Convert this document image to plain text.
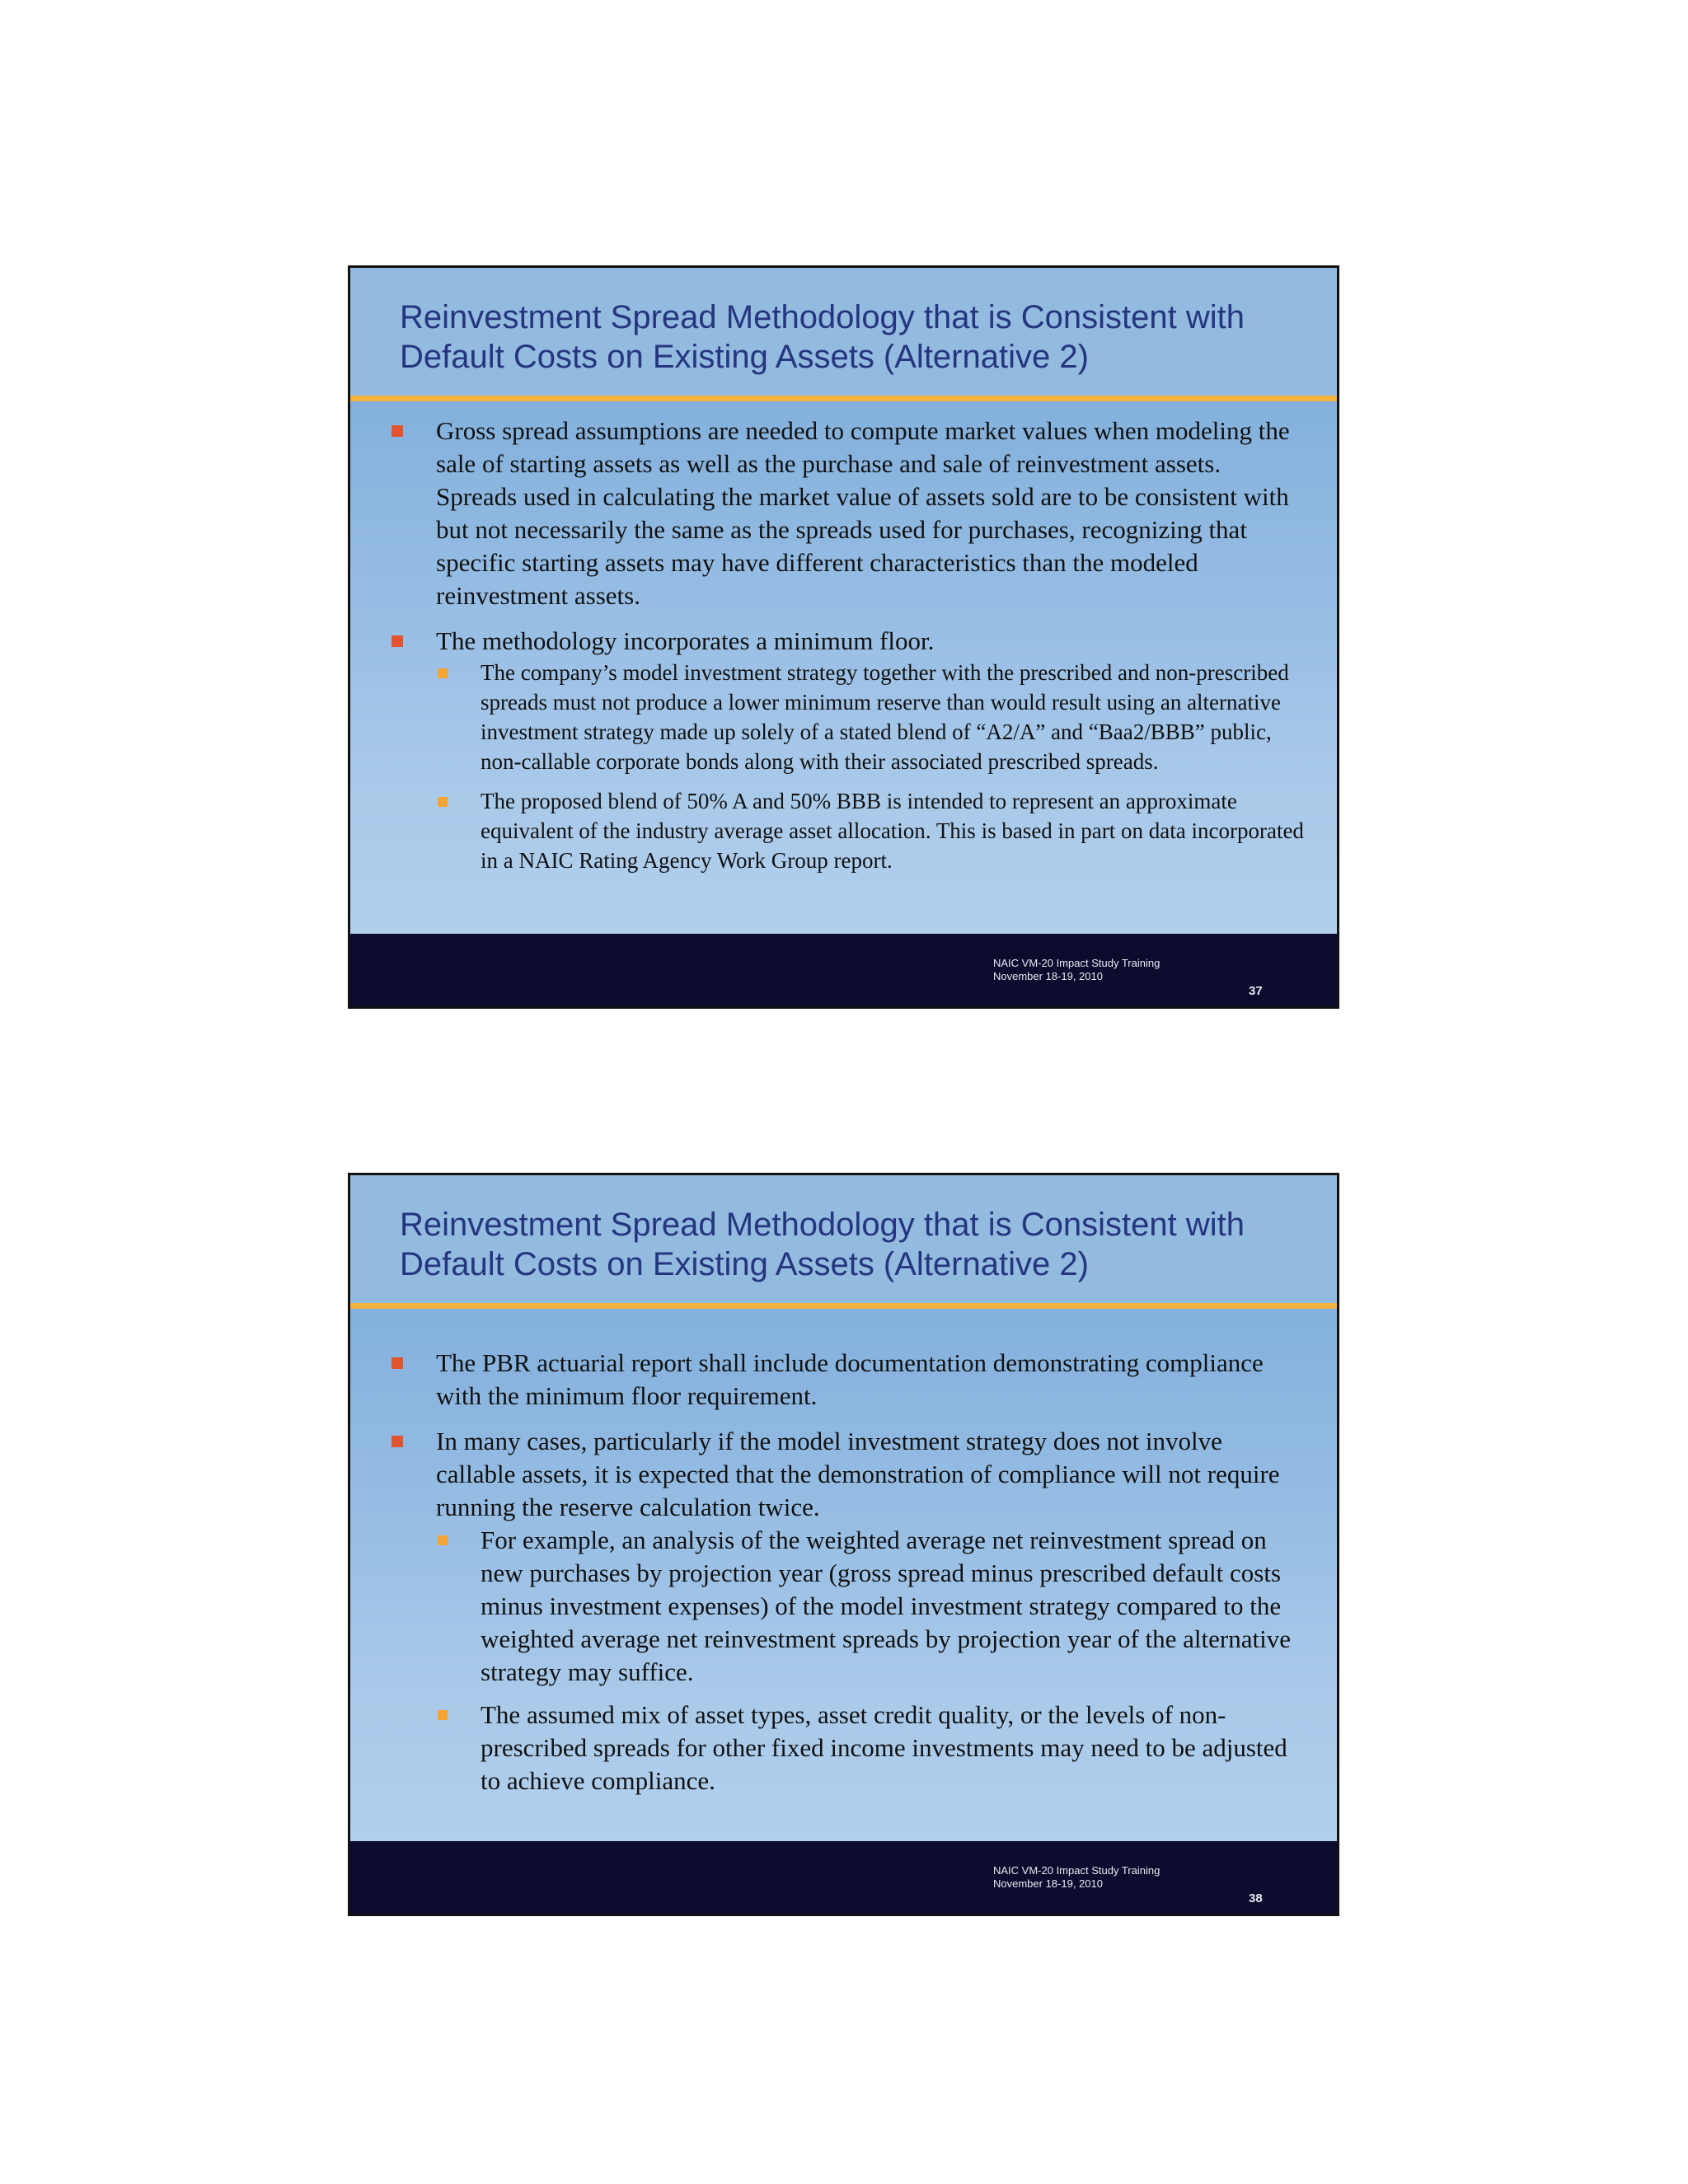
Reinvestment Spread Methodology that is Consistent with Default Costs on Existing Assets (Alternative 2)
Gross spread assumptions are needed to compute market values when modeling the sale of starting assets as well as the purchase and sale of reinvestment assets. Spreads used in calculating the market value of assets sold are to be consistent with but not necessarily the same as the spreads used for purchases, recognizing that specific starting assets may have different characteristics than the modeled reinvestment assets.
The methodology incorporates a minimum floor.
The company’s model investment strategy together with the prescribed and non-prescribed spreads must not produce a lower minimum reserve than would result using an alternative investment strategy made up solely of a stated blend of “A2/A” and “Baa2/BBB” public, non-callable corporate bonds along with their associated prescribed spreads.
The proposed blend of 50% A and 50% BBB is intended to represent an approximate equivalent of the industry average asset allocation. This is based in part on data incorporated in a NAIC Rating Agency Work Group report.
NAIC VM-20 Impact Study Training
November 18-19, 2010
37
Reinvestment Spread Methodology that is Consistent with Default Costs on Existing Assets (Alternative 2)
The PBR actuarial report shall include documentation demonstrating compliance with the minimum floor requirement.
In many cases, particularly if the model investment strategy does not involve callable assets, it is expected that the demonstration of compliance will not require running the reserve calculation twice.
For example, an analysis of the weighted average net reinvestment spread on new purchases by projection year (gross spread minus prescribed default costs minus investment expenses) of the model investment strategy compared to the weighted average net reinvestment spreads by projection year of the alternative strategy may suffice.
The assumed mix of asset types, asset credit quality, or the levels of non-prescribed spreads for other fixed income investments may need to be adjusted to achieve compliance.
NAIC VM-20 Impact Study Training
November 18-19, 2010
38
